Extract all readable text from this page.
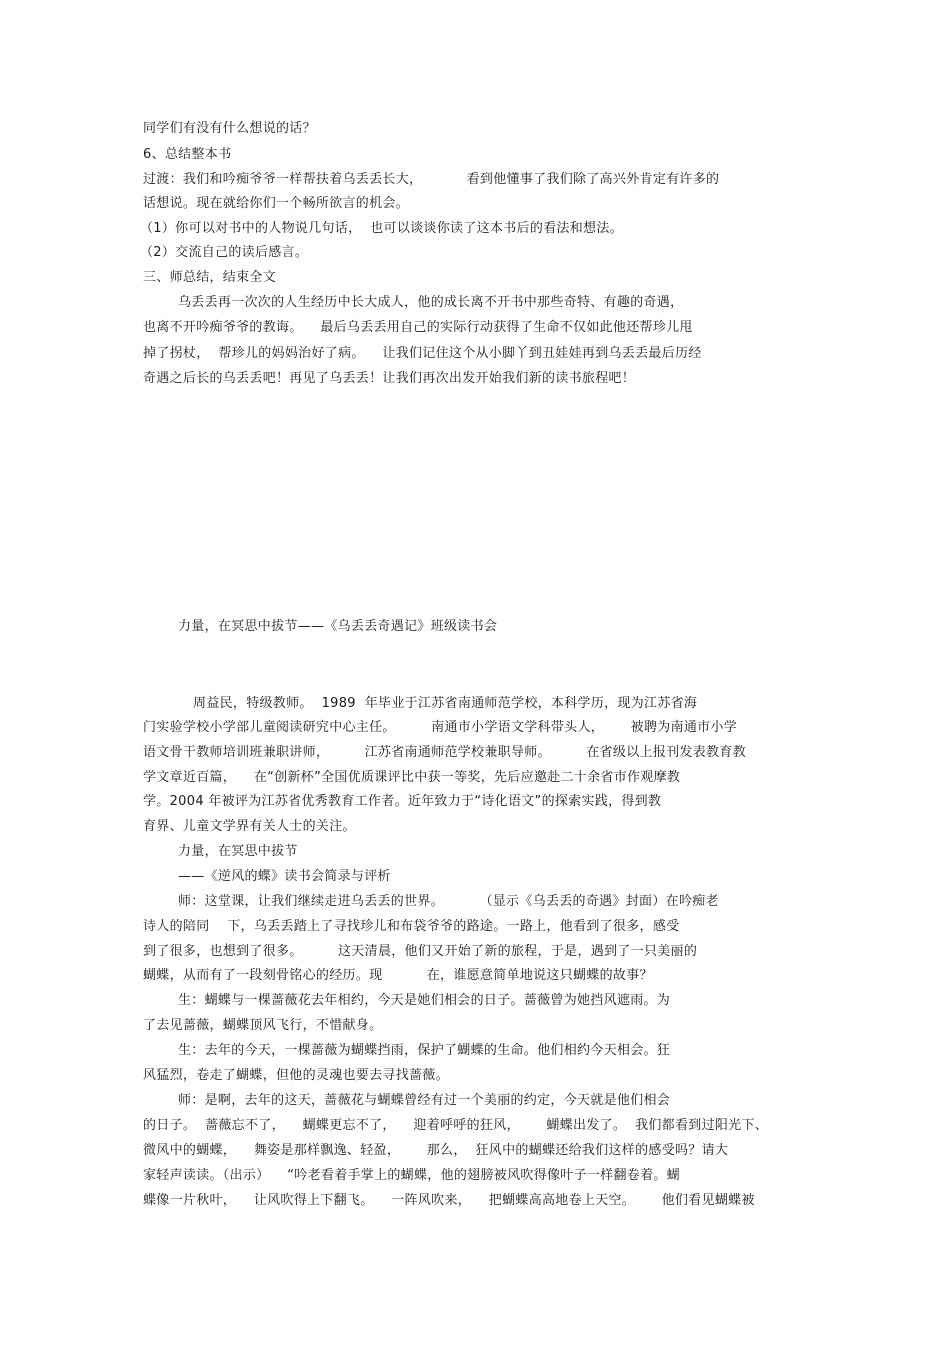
同学们有没有什么想说的话？
6、总结整本书
过渡：我们和吟痴爷爷一样帮扶着乌丢丢长大，          看到他懂事了我们除了高兴外肯定有许多的
话想说。现在就给你们一个畅所欲言的机会。
（1）你可以对书中的人物说几句话，  也可以谈谈你读了这本书后的看法和想法。
（2）交流自己的读后感言。
三、师总结，结束全文
乌丢丢再一次次的人生经历中长大成人，他的成长离不开书中那些奇特、有趣的奇遇，
也离不开吟痴爷爷的教诲。    最后乌丢丢用自己的实际行动获得了生命不仅如此他还帮珍儿甩
掉了拐杖，  帮珍儿的妈妈治好了病。    让我们记住这个从小脚丫到丑娃娃再到乌丢丢最后历经
奇遇之后长的乌丢丢吧！再见了乌丢丢！让我们再次出发开始我们新的读书旅程吧！
力量，在冥思中拔节——《乌丢丢奇遇记》班级读书会
周益民，特级教师。  1989  年毕业于江苏省南通师范学校，本科学历，现为江苏省海
门实验学校小学部儿童阅读研究中心主任。        南通市小学语文学科带头人，      被聘为南通市小学
语文骨干教师培训班兼职讲师，        江苏省南通师范学校兼职导师。        在省级以上报刊发表教育教
学文章近百篇，    在“创新杯”全国优质课评比中获一等奖，先后应邀赴二十余省市作观摩教
学。2004 年被评为江苏省优秀教育工作者。近年致力于“诗化语文”的探索实践，得到教
育界、儿童文学界有关人士的关注。
力量，在冥思中拔节
——《逆风的蝶》读书会简录与评析
师：这堂课，让我们继续走进乌丢丢的世界。        （显示《乌丢丢的奇遇》封面）在吟痴老
诗人的陪同    下，乌丢丢踏上了寻找珍儿和布袋爷爷的路途。一路上，他看到了很多，感受
到了很多，也想到了很多。        这天清晨，他们又开始了新的旅程，于是，遇到了一只美丽的
蝴蝶，从而有了一段刻骨铭心的经历。现          在，谁愿意简单地说这只蝴蝶的故事？
生：蝴蝶与一棵蔷薇花去年相约，今天是她们相会的日子。蔷薇曾为她挡风遮雨。为
了去见蔷薇，蝴蝶顶风飞行，不惜献身。
生：去年的今天，一棵蔷薇为蝴蝶挡雨，保护了蝴蝶的生命。他们相约今天相会。狂
风猛烈，卷走了蝴蝶，但他的灵魂也要去寻找蔷薇。
师：是啊，去年的这天，蔷薇花与蝴蝶曾经有过一个美丽的约定，今天就是他们相会
的日子。  蔷薇忘不了，    蝴蝶更忘不了，    迎着呼呼的狂风，      蝴蝶出发了。  我们都看到过阳光下、
微风中的蝴蝶，    舞姿是那样飘逸、轻盈，      那么，  狂风中的蝴蝶还给我们这样的感受吗？请大
家轻声读读。（出示）    “吟老看着手掌上的蝴蝶，他的翅膀被风吹得像叶子一样翻卷着。蝴
蝶像一片秋叶，    让风吹得上下翻飞。    一阵风吹来，    把蝴蝶高高地卷上天空。      他们看见蝴蝶被
